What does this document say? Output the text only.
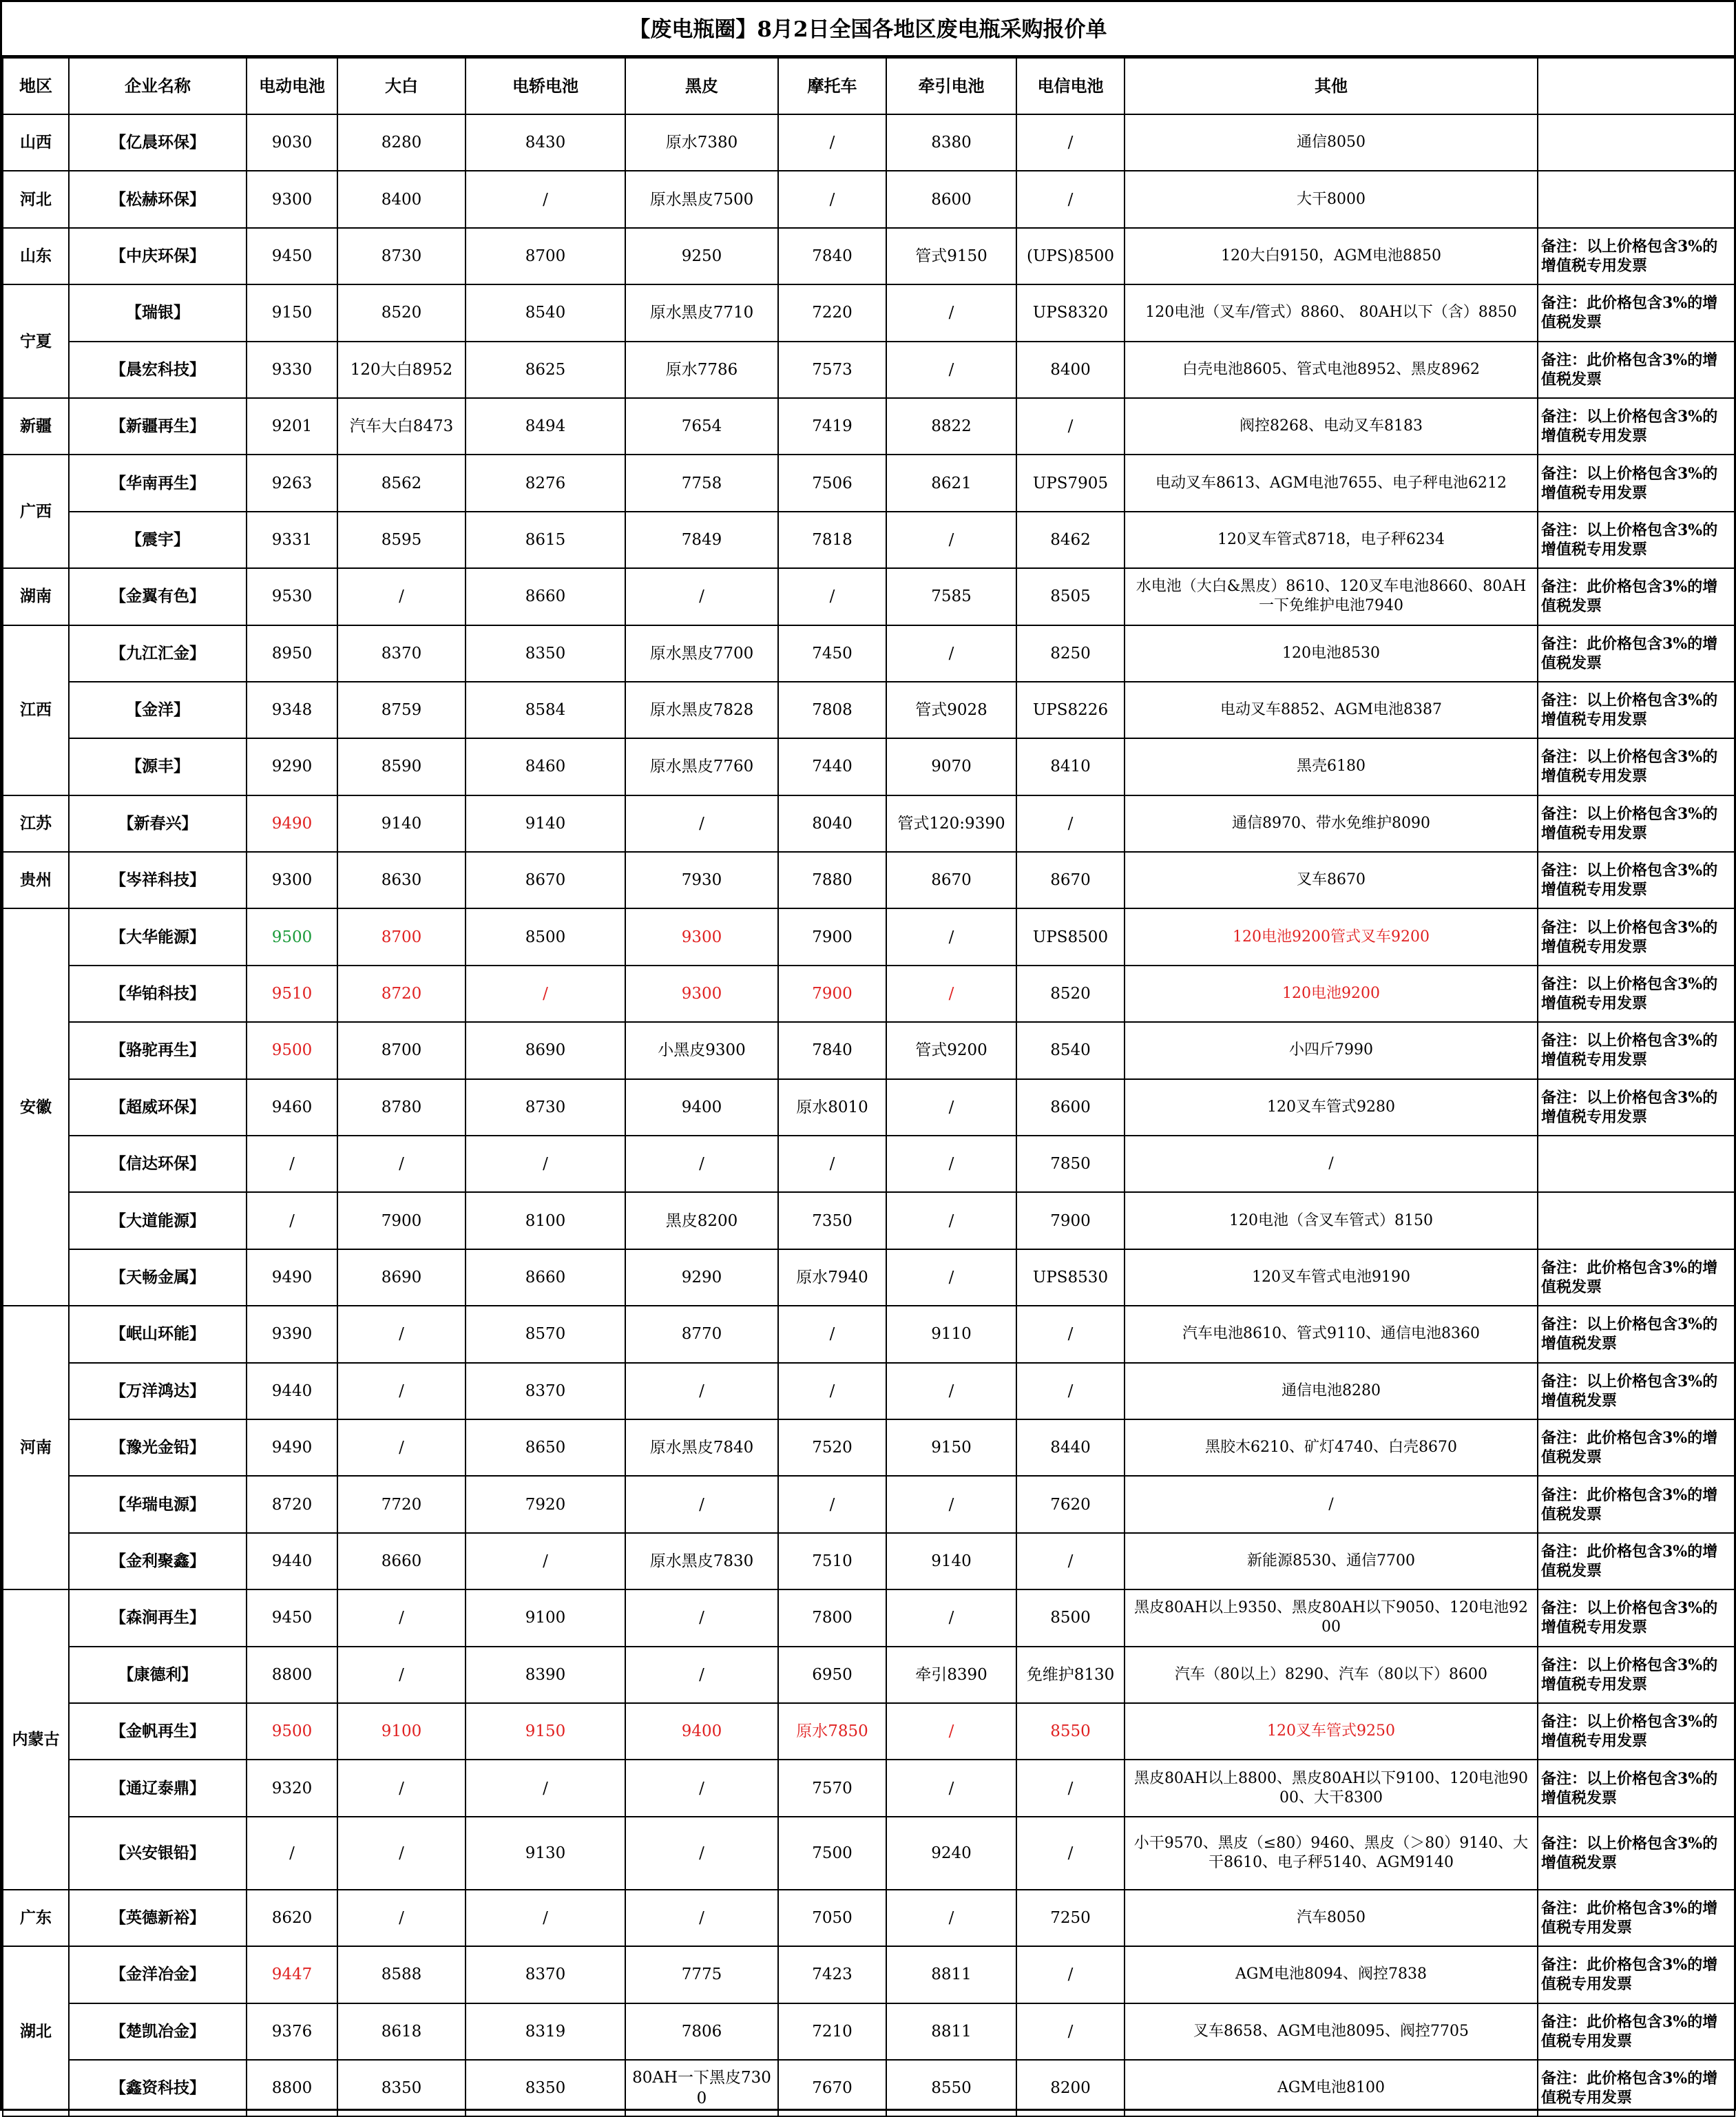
【废电瓶圈】8月2日全国各地区废电瓶采购报价单
地区	企业名称	电动电池	大白	电轿电池	黑皮	摩托车	牵引电池	电信电池	其他	
山西	【亿晨环保】	9030	8280	8430	原水7380	/	8380	/	通信8050	
河北	【松赫环保】	9300	8400	/	原水黑皮7500	/	8600	/	大干8000	
山东	【中庆环保】	9450	8730	8700	9250	7840	管式9150	(UPS)8500	120大白9150，AGM电池8850	备注：以上价格包含3%的增值税专用发票
宁夏	【瑞银】	9150	8520	8540	原水黑皮7710	7220	/	UPS8320	120电池（叉车/管式）8860、 80AH以下（含）8850	备注：此价格包含3%的增值税发票
	【晨宏科技】	9330	120大白8952	8625	原水7786	7573	/	8400	白壳电池8605、管式电池8952、黑皮8962	备注：此价格包含3%的增值税发票
新疆	【新疆再生】	9201	汽车大白8473	8494	7654	7419	8822	/	阀控8268、电动叉车8183	备注：以上价格包含3%的增值税专用发票
广西	【华南再生】	9263	8562	8276	7758	7506	8621	UPS7905	电动叉车8613、AGM电池7655、电子秤电池6212	备注：以上价格包含3%的增值税专用发票
	【震宇】	9331	8595	8615	7849	7818	/	8462	120叉车管式8718，电子秤6234	备注：以上价格包含3%的增值税专用发票
湖南	【金翼有色】	9530	/	8660	/	/	7585	8505	水电池（大白&黑皮）8610、120叉车电池8660、80AH一下免维护电池7940	备注：此价格包含3%的增值税发票
江西	【九江汇金】	8950	8370	8350	原水黑皮7700	7450	/	8250	120电池8530	备注：此价格包含3%的增值税发票
	【金洋】	9348	8759	8584	原水黑皮7828	7808	管式9028	UPS8226	电动叉车8852、AGM电池8387	备注：以上价格包含3%的增值税专用发票
	【源丰】	9290	8590	8460	原水黑皮7760	7440	9070	8410	黑壳6180	备注：以上价格包含3%的增值税专用发票
江苏	【新春兴】	9490	9140	9140	/	8040	管式120:9390	/	通信8970、带水免维护8090	备注：以上价格包含3%的增值税专用发票
贵州	【岑祥科技】	9300	8630	8670	7930	7880	8670	8670	叉车8670	备注：以上价格包含3%的增值税专用发票
安徽	【大华能源】	9500	8700	8500	9300	7900	/	UPS8500	120电池9200管式叉车9200	备注：以上价格包含3%的增值税专用发票
	【华铂科技】	9510	8720	/	9300	7900	/	8520	120电池9200	备注：以上价格包含3%的增值税专用发票
	【骆驼再生】	9500	8700	8690	小黑皮9300	7840	管式9200	8540	小四斤7990	备注：以上价格包含3%的增值税专用发票
	【超威环保】	9460	8780	8730	9400	原水8010	/	8600	120叉车管式9280	备注：以上价格包含3%的增值税专用发票
	【信达环保】	/	/	/	/	/	/	7850	/	
	【大道能源】	/	7900	8100	黑皮8200	7350	/	7900	120电池（含叉车管式）8150	
	【天畅金属】	9490	8690	8660	9290	原水7940	/	UPS8530	120叉车管式电池9190	备注：此价格包含3%的增值税发票
河南	【岷山环能】	9390	/	8570	8770	/	9110	/	汽车电池8610、管式9110、通信电池8360	备注：以上价格包含3%的增值税发票
	【万洋鸿达】	9440	/	8370	/	/	/	/	通信电池8280	备注：以上价格包含3%的增值税发票
	【豫光金铅】	9490	/	8650	原水黑皮7840	7520	9150	8440	黑胶木6210、矿灯4740、白壳8670	备注：此价格包含3%的增值税发票
	【华瑞电源】	8720	7720	7920	/	/	/	7620	/	备注：此价格包含3%的增值税发票
	【金利聚鑫】	9440	8660	/	原水黑皮7830	7510	9140	/	新能源8530、通信7700	备注：此价格包含3%的增值税发票
内蒙古	【森涧再生】	9450	/	9100	/	7800	/	8500	黑皮80AH以上9350、黑皮80AH以下9050、120电池9200	备注：以上价格包含3%的增值税专用发票
	【康德利】	8800	/	8390	/	6950	牵引8390	免维护8130	汽车（80以上）8290、汽车（80以下）8600	备注：以上价格包含3%的增值税专用发票
	【金帆再生】	9500	9100	9150	9400	原水7850	/	8550	120叉车管式9250	备注：以上价格包含3%的增值税专用发票
	【通辽泰鼎】	9320	/	/	/	7570	/	/	黑皮80AH以上8800、黑皮80AH以下9100、120电池9000、大干8300	备注：以上价格包含3%的增值税发票
	【兴安银铅】	/	/	9130	/	7500	9240	/	小干9570、黑皮（≤80）9460、黑皮（＞80）9140、大干8610、电子秤5140、AGM9140	备注：以上价格包含3%的增值税发票
广东	【英德新裕】	8620	/	/	/	7050	/	7250	汽车8050	备注：此价格包含3%的增值税专用发票
湖北	【金洋冶金】	9447	8588	8370	7775	7423	8811	/	AGM电池8094、阀控7838	备注：此价格包含3%的增值税专用发票
	【楚凯冶金】	9376	8618	8319	7806	7210	8811	/	叉车8658、AGM电池8095、阀控7705	备注：此价格包含3%的增值税专用发票
	【鑫资科技】	8800	8350	8350	80AH一下黑皮7300	7670	8550	8200	AGM电池8100	备注：此价格包含3%的增值税专用发票
